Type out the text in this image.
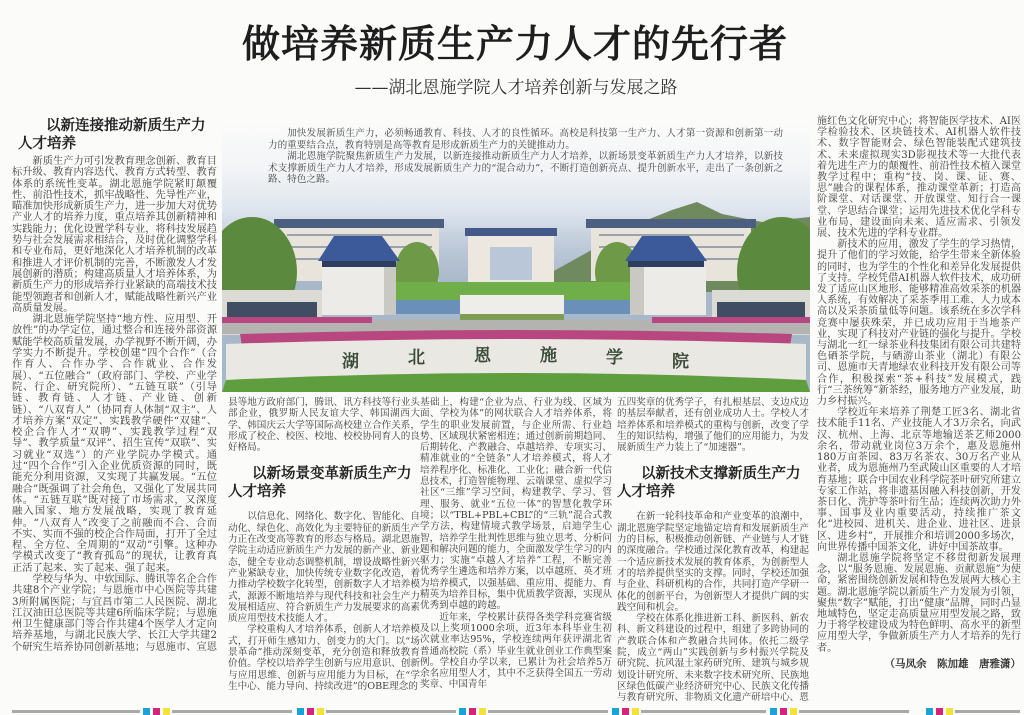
做培养新质生产力人才的先行者
——湖北恩施学院人才培养创新与发展之路
湖	北	恩	施	学	院

加快发展新质生产力，必须畅通教育、科技、人才的良性循环。高校是科技第一生产力、人才第一资源和创新第一动力的重要结合点，教育特别是高等教育是形成新质生产力的关键推动力。

湖北恩施学院聚焦新质生产力发展，以新连接推动新质生产力人才培养，以新场景变革新质生产力人才培养，以新技术支撑新质生产力人才培养，形成发展新质生产力的“混合动力”，不断打造创新亮点、提升创新水平，走出了一条创新之路、特色之路。

以新连接推动新质生产力人才培养

新质生产力可引发教育理念创新、教育目标升级、教育内容迭代、教育方式转型、教育体系的系统性变革。湖北恩施学院紧盯颠覆性、前沿性技术，抓牢战略性、先导性产业，瞄准加快形成新质生产力，进一步加大对优势产业人才的培养力度，重点培养其创新精神和实践能力；优化设置学科专业，将科技发展趋势与社会发展需求相结合，及时优化调整学科和专业布局，更好地深化人才培养机制的改革和推进人才评价机制的完善，不断激发人才发展创新的潜质；构建高质量人才培养体系，为新质生产力的形成培养行业紧缺的高端技术技能型领跑者和创新人才，赋能战略性新兴产业高质量发展。

湖北恩施学院坚持“地方性、应用型、开放性”的办学定位，通过整合和连接外部资源赋能学校高质量发展，办学视野不断开阔，办学实力不断提升。学校创建“四个合作”（合作育人、合作办学、合作就业、合作发展）、“五位融合”（政府部门、学校、产业学院、行企、研究院所）、“五链互联”（引导链、教育链、人才链、产业链、创新链）、“八双育人”（协同育人体制“双主”、人才培养方案“双定”、实践教学硬件“双建”、校企合作人才“双聘”、实践教学过程“双导”、教学质量“双评”、招生宣传“双联”、实习就业“双选”）的产业学院办学模式。通过“四个合作”引入企业优质资源的同时，既能充分利用资源，又实现了共赢发展。“五位融合”既强调了社会角色，又强化了发展共同体。“五链互联”既对接了市场需求，又深度融入国家、地方发展战略，实现了教育延伸。“八双育人”改变了之前融而不合、合而不实、实而不强的校企合作局面，打开了全过程、全方位、全周期的“双动”引擎。这种办学模式改变了“教育孤岛”的现状，让教育真正活了起来、实了起来、强了起来。

学校与华为、中软国际、腾讯等名企合作共建8个产业学院；与恩施市中心医院等共建3所附属医院；与宜昌市第二人民医院、湖北江汉油田总医院等共建6所临床学院；与恩施州卫生健康部门等合作共建4个医学人才定向培养基地，与湖北民族大学、长江大学共建2个研究生培养协同创新基地；与恩施市、宣恩

县等地方政府部门，腾讯、讯方科技等行业头部企业，俄罗斯人民友谊大学、韩国湖西大学、韩国庆云大学等国际高校建立合作关系，形成了校企、校医、校地、校校协同育人的良好格局。

以新场景变革新质生产力人才培养

以信息化、网络化、数字化、智能化、自动化、绿色化、高效化为主要特征的新质生产力正在改变高等教育的形态与格局。湖北恩施学院主动适应新质生产力发展的新产业、新业态，健全专业动态调整机制，增设战略性新兴产业紧缺专业，加快传统专业数字化改造，着力推动学校数字化转型，创新数字人才培养模式，源源不断地培养与现代科技和社会生产力发展相适应、符合新质生产力发展要求的高素质应用型技术技能人才。

学校重构人才培养体系，创新人才培养模式，打开师生感知力、创变力的大门。以“场景革命”推动深刻变革，充分创造和释放教育价值。学校以培养学生创新与应用意识、创新与应用思维、创新与应用能力为目标，在“学生中心、能力导向、持续改进”的OBE理念的

基础上，构建“企业为点、行业为线、区域为面、学校为体”的网状联合人才培养体系，将学生的职业发展前置，与企业所需、行业趋势、区域现状紧密相连；通过创新前期趋同、后期转化、产教融合、卓越培养、专项实习、精准就业的“全链条”人才培养模式，将人才培养程序化、标准化、工业化；融合新一代信息技术，打造智能物理、云端课堂、虚拟学习社区“三维”学习空间，构建教学、学习、管理、服务、就业“五位一体”的智慧化教学环境；以“TBL+PBL+CBL”的“三轨”混合式教学方法，构建情境式教学场景，启迪学生心智，培养学生批判性思维与独立思考、分析问题和解决问题的能力，全面激发学生学习的内驱力；实施“卓越人才培养”工程，不断完善优秀学生遴选和培养方案，以卓越班、英才班为培养模式，以强基础、重应用、提能力、育精英为培养目标，集中优质教学资源，实现从优秀到卓越的跨越。

近年来，学校累计获得各类学科竞赛省级及以上奖项1000余项，近3年本科毕业生初次就业率达95%，学校连续两年获评湖北省普通高校院（系）毕业生就业创业工作典型案例。学校自办学以来，已累计为社会培养5万余名应用型人才，其中不乏获得全国五一劳动奖章、中国青年

五四奖章的优秀学子，有扎根基层、支边戍边的基层奉献者，还有创业成功人士。学校人才培养体系和培养模式的重构与创新，改变了学生的知识结构，增强了他们的应用能力，为发展新质生产力装上了“加速器”。

以新技术支撑新质生产力人才培养

在新一轮科技革命和产业变革的浪潮中，湖北恩施学院坚定地锚定培育和发展新质生产力的目标，积极推动创新链、产业链与人才链的深度融合。学校通过深化教育改革，构建起一个适应新技术发展的教育体系，为创新型人才的培养提供坚实的支撑。同时，学校还加强与企业、科研机构的合作，共同打造产学研一体化的创新平台，为创新型人才提供广阔的实践空间和机会。

学校在体系化推进新工科、新医科、新农科、新文科建设的过程中，组建了多跨协同的产教联合体和产教融合共同体。依托二级学院，成立“两山”实践创新与乡村振兴学院及研究院、抗风湿土家药研究所、建筑与城乡规划设计研究所、未来数字技术研究所、民族地区绿色低碳产业经济研究中心、民族文化传播与教育研究所、非物质文化遗产研培中心、恩

施红色文化研究中心；将智能医学技术、AI医学检验技术、区块链技术、AI机器人软件技术、数字智能财会、绿色智能装配式建筑技术、未来虚拟现实3D影视技术等一大批代表着先进生产力的颠覆性、前沿性技术植入课堂教学过程中；重构“技、岗、课、证、赛、思”融合的课程体系，推动课堂革新；打造高阶课堂、对话课堂、开放课堂、知行合一课堂、学思结合课堂；运用先进技术优化学科专业布局，建设面向未来、适应需求、引领发展、技术先进的学科专业群。

新技术的应用，激发了学生的学习热情，提升了他们的学习效能，给学生带来全新体验的同时，也为学生的个性化和差异化发展提供了支持。学校凭借AI机器人软件技术，成功研发了适应山区地形、能够精准高效采茶的机器人系统，有效解决了采茶季用工难、人力成本高以及采茶质量低等问题。该系统在多次学科竞赛中屡获殊荣，并已成功应用于当地茶产业，实现了科技对产业链的强化与提升。学校与湖北一红一绿茶业科技集团有限公司共建特色硒茶学院，与硒游山茶业（湖北）有限公司、恩施市天青地绿农业科技开发有限公司等合作，积极探索“茶+科技”发展模式，践行“三茶统筹”新茶经，服务地方产业发展，助力乡村振兴。

学校近年来培养了荆楚工匠3名、湖北省技术能手11名、产业技能人才3万余名，向武汉、杭州、上海、北京等地输送茶艺师2000余名，带动就业岗位3万余个，惠及恩施州180万亩茶园、83万名茶农、30万名产业从业者，成为恩施州乃至武陵山区重要的人才培育基地；联合中国农业科学院茶叶研究所建立专家工作站，将非遗基因融入科技创新，开发茶日化、洗护等茶叶衍生品；连续两次助力外事、国事及业内重要活动，持续推广茶文化“进校园、进机关、进企业、进社区、进景区、进乡村”，开展推介和培训2000多场次，向世界传播中国茶文化，讲好中国茶故事。

湖北恩施学院将坚定不移贯彻新发展理念，以“服务恩施、发展恩施、贡献恩施”为使命，紧密围绕创新发展和特色发展两大核心主题。湖北恩施学院以新质生产力发展为引领，聚焦“数字”赋能，打出“健康”品牌，同时凸显地域特色，坚定走高质量应用型发展之路，致力于将学校建设成为特色鲜明、高水平的新型应用型大学，争做新质生产力人才培养的先行者。

（马凤余　陈加雄　唐雅潇）
